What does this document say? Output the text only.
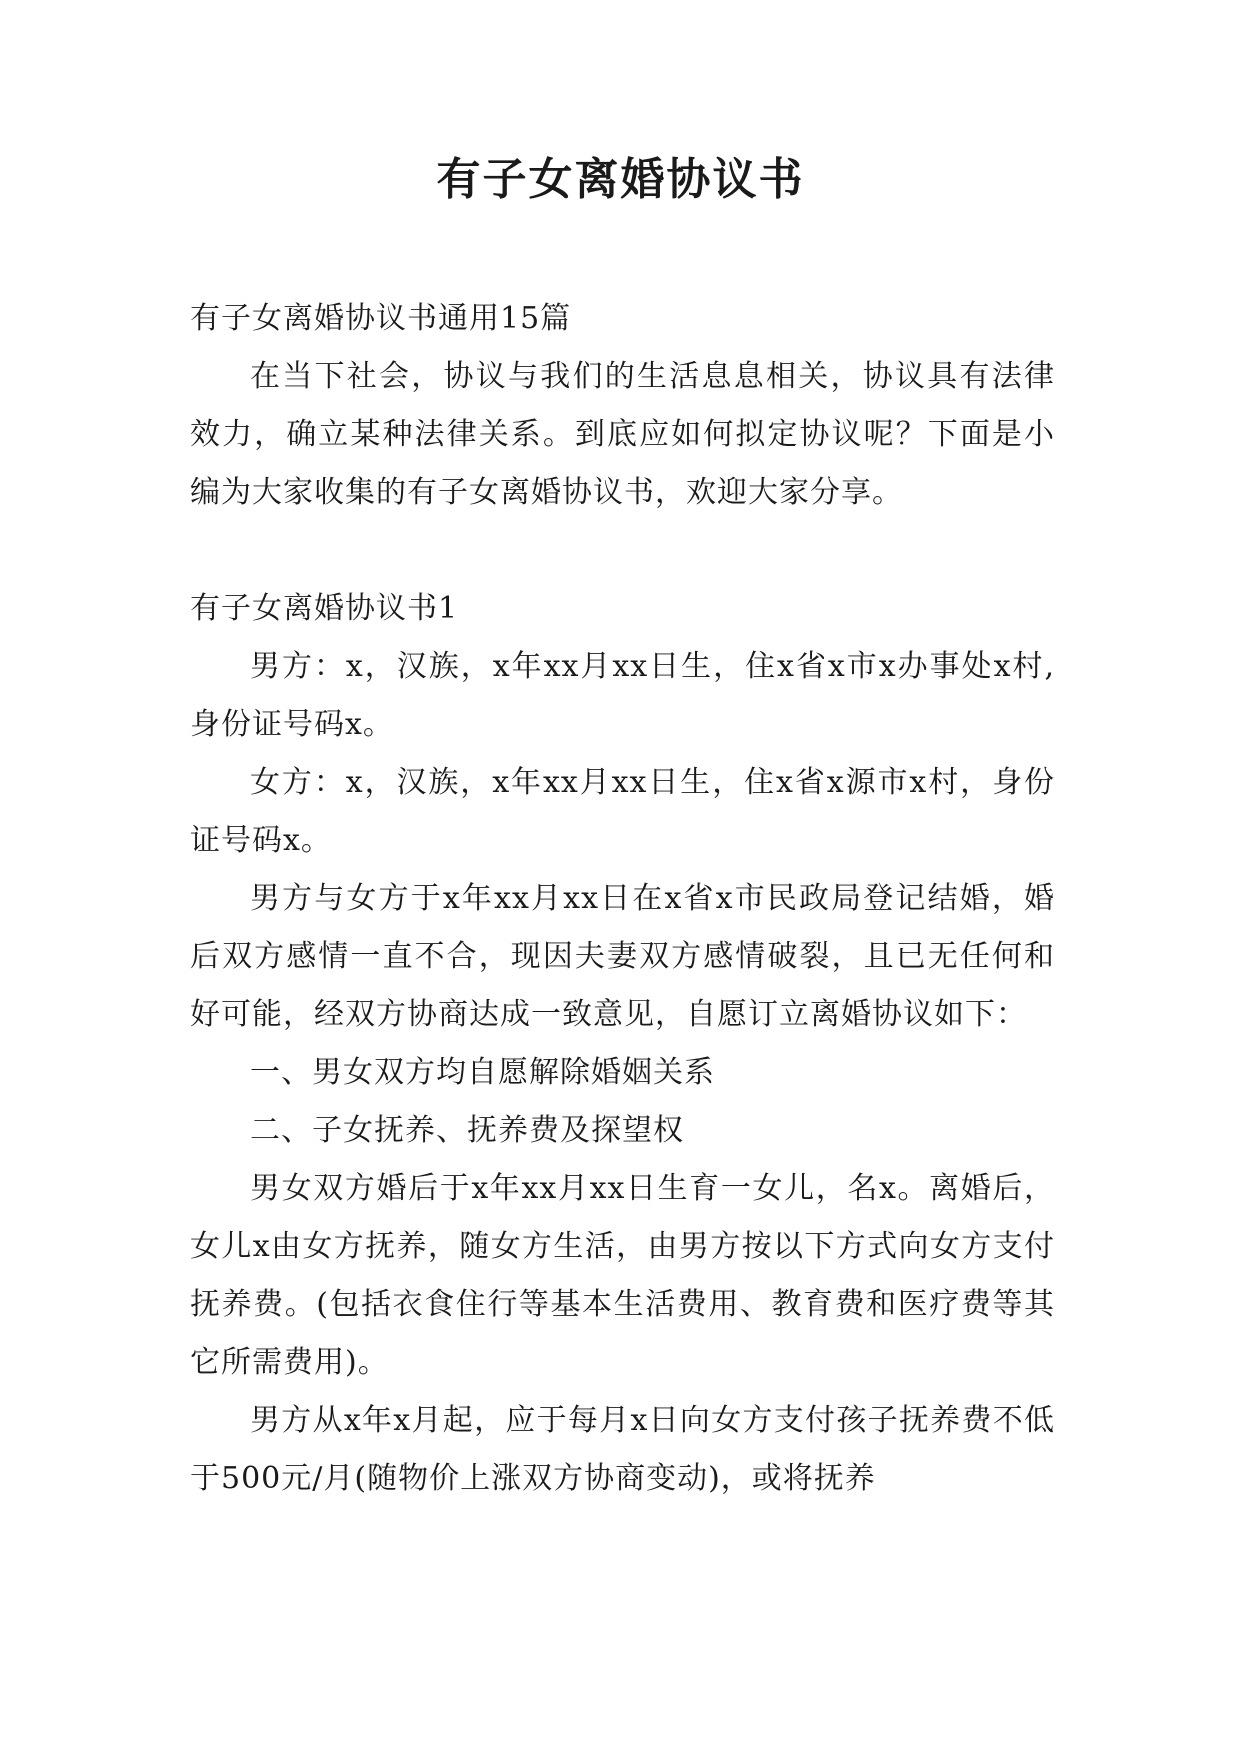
有子女离婚协议书

有子女离婚协议书通用15篇

在当下社会，协议与我们的生活息息相关，协议具有法律效力，确立某种法律关系。到底应如何拟定协议呢？下面是小编为大家收集的有子女离婚协议书，欢迎大家分享。

有子女离婚协议书1

男方：x，汉族，x年xx月xx日生，住x省x市x办事处x村,身份证号码x。

女方：x，汉族，x年xx月xx日生，住x省x源市x村，身份证号码x。

男方与女方于x年xx月xx日在x省x市民政局登记结婚，婚后双方感情一直不合，现因夫妻双方感情破裂，且已无任何和好可能，经双方协商达成一致意见，自愿订立离婚协议如下：

一、男女双方均自愿解除婚姻关系

二、子女抚养、抚养费及探望权

男女双方婚后于x年xx月xx日生育一女儿，名x。离婚后，女儿x由女方抚养，随女方生活，由男方按以下方式向女方支付抚养费。(包括衣食住行等基本生活费用、教育费和医疗费等其它所需费用)。

男方从x年x月起，应于每月x日向女方支付孩子抚养费不低于500元/月(随物价上涨双方协商变动)，或将抚养
